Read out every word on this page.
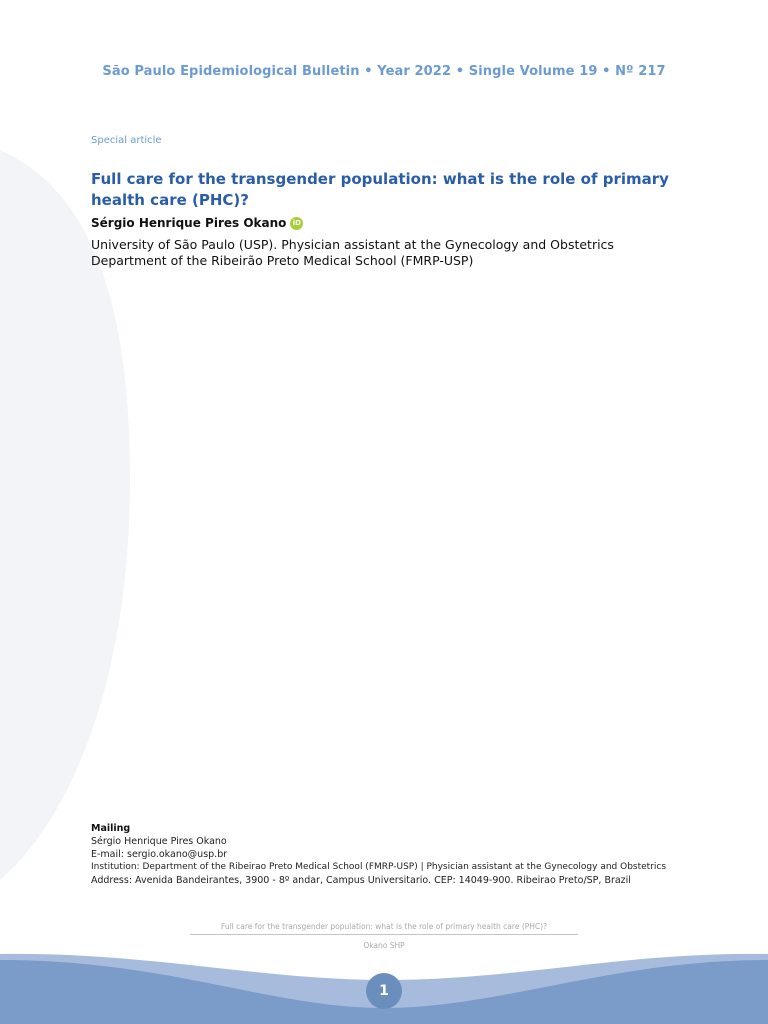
São Paulo Epidemiological Bulletin • Year 2022 • Single Volume 19 • Nº 217
Special article
Full care for the transgender population: what is the role of primary health care (PHC)?
Sérgio Henrique Pires Okano iD
University of São Paulo (USP). Physician assistant at the Gynecology and Obstetrics Department of the Ribeirão Preto Medical School (FMRP-USP)
Mailing
Sérgio Henrique Pires Okano
E-mail: sergio.okano@usp.br
Institution: Department of the Ribeirao Preto Medical School (FMRP-USP) | Physician assistant at the Gynecology and Obstetrics
Address: Avenida Bandeirantes, 3900 - 8º andar, Campus Universitario. CEP: 14049-900. Ribeirao Preto/SP, Brazil
Full care for the transgender population: what is the role of primary health care (PHC)?
Okano SHP
1
